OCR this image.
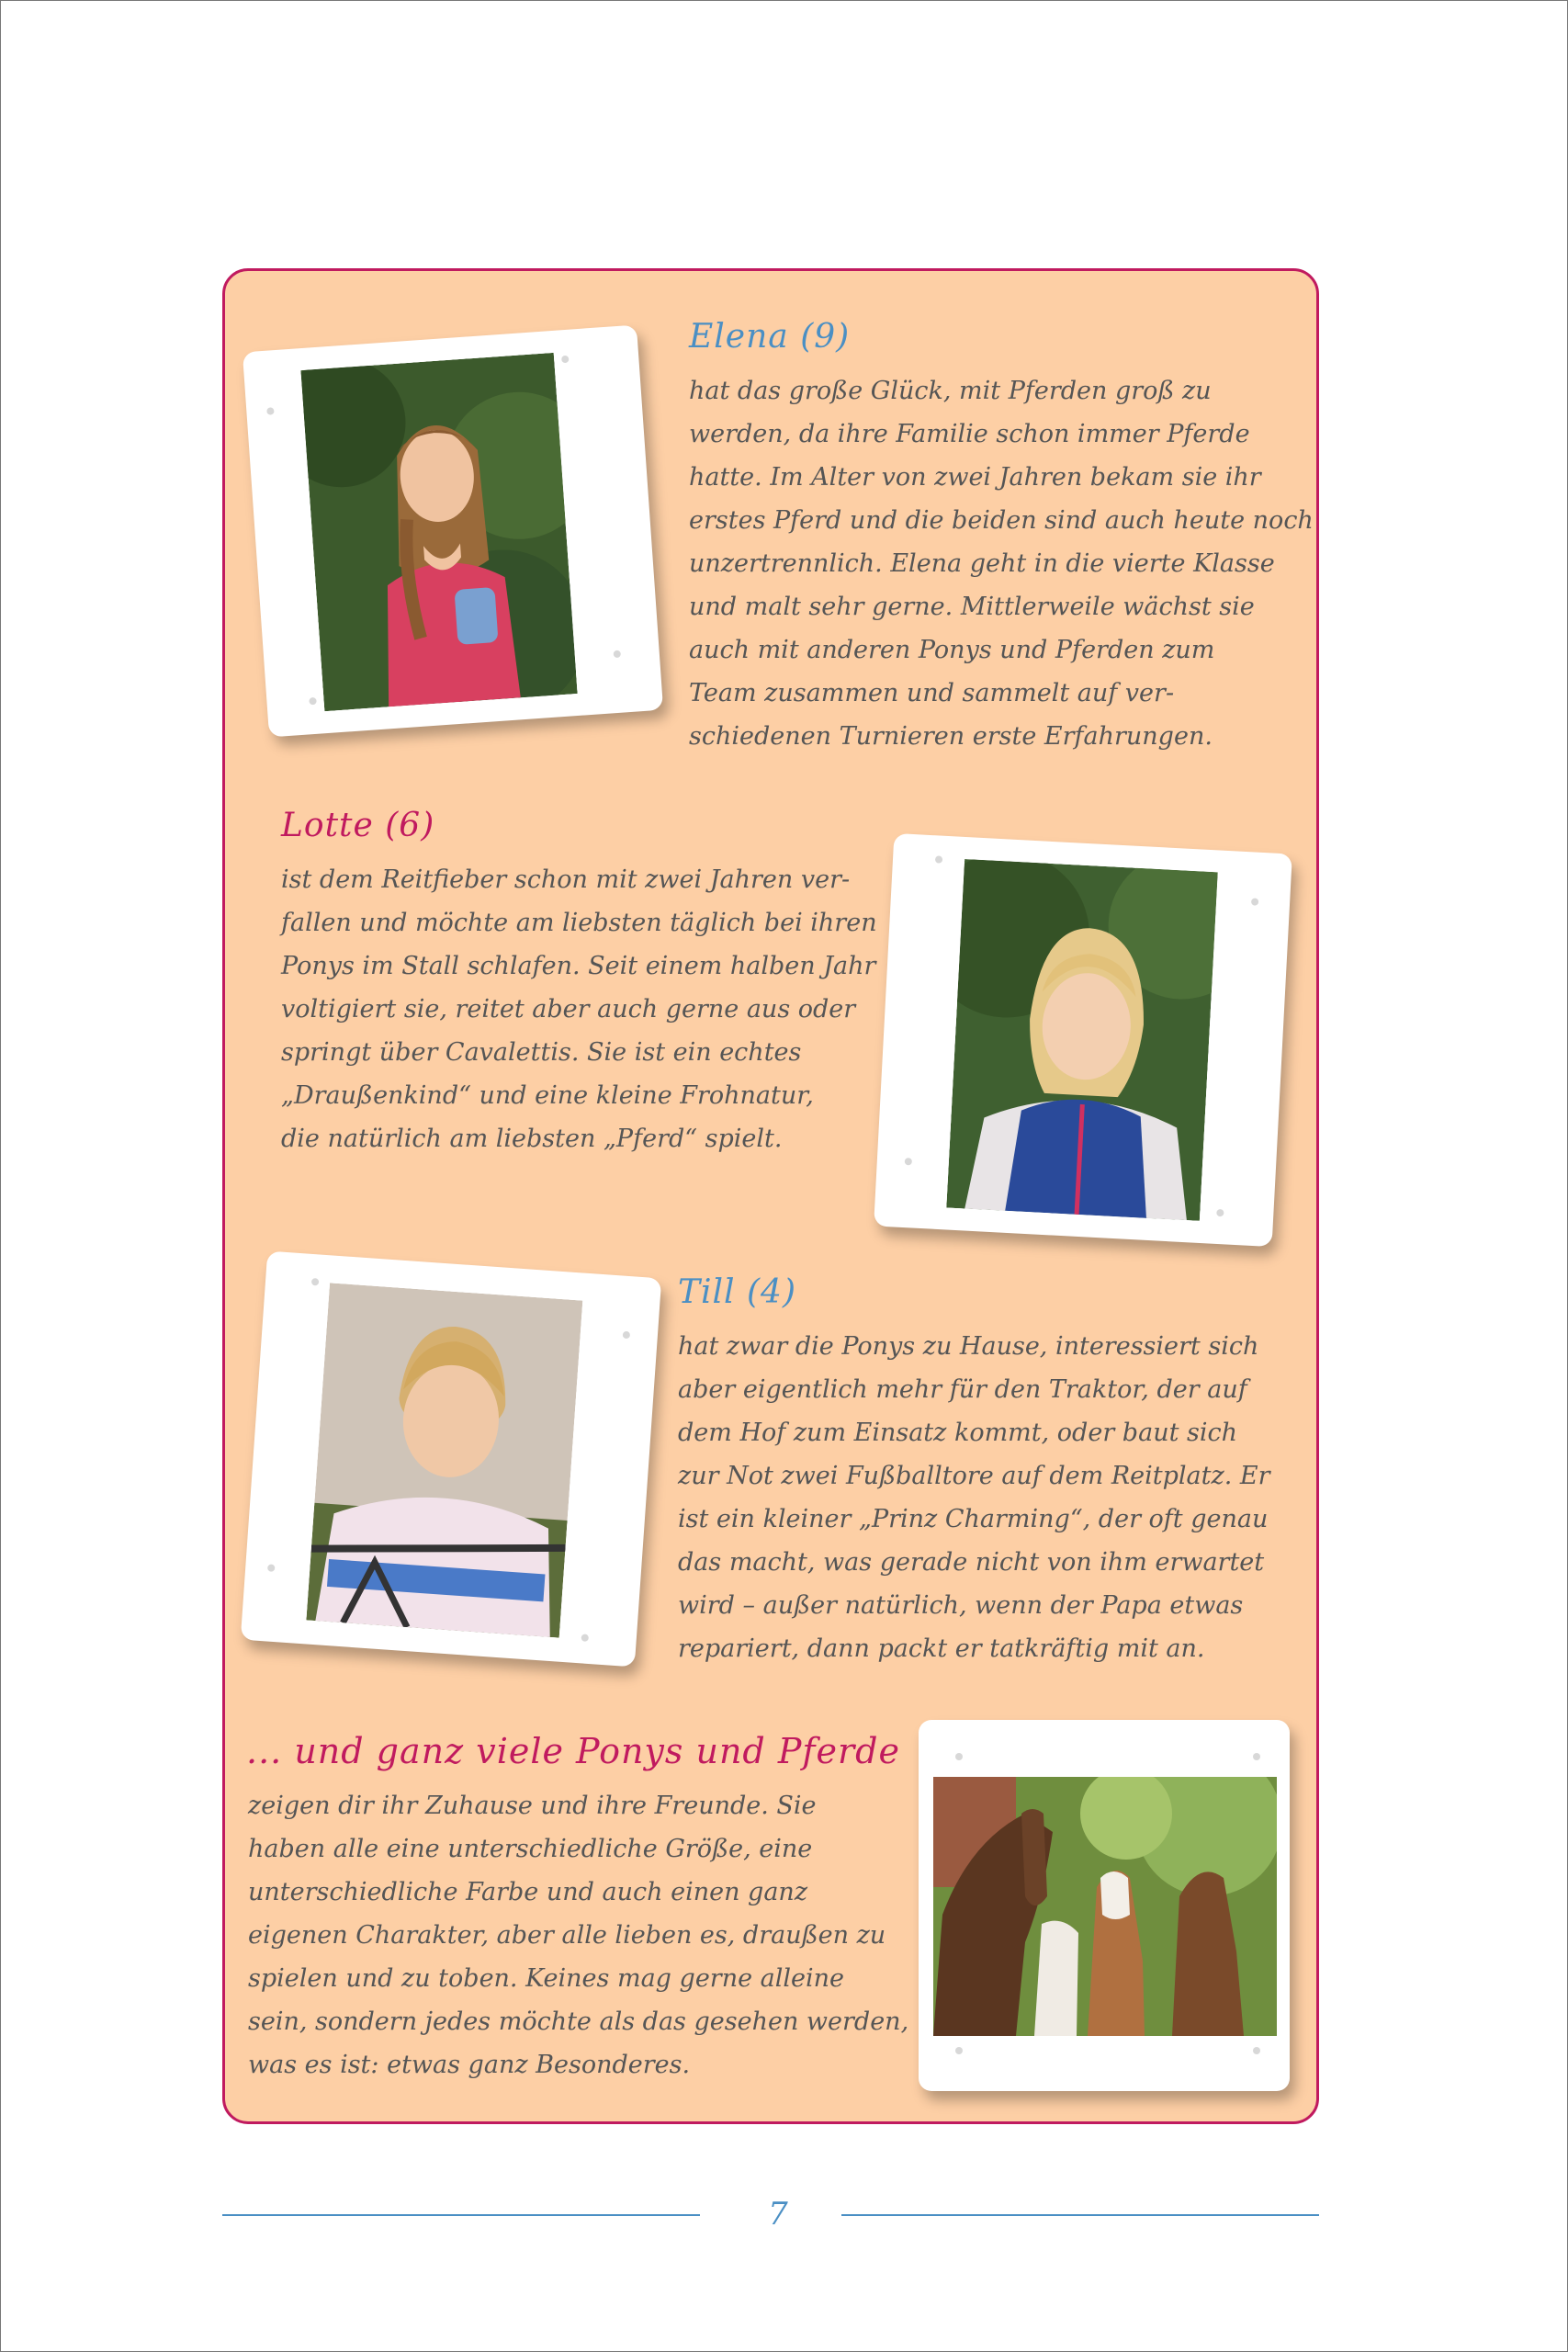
Elena (9)
hat das große Glück, mit Pferden groß zu
werden, da ihre Familie schon immer Pferde
hatte. Im Alter von zwei Jahren bekam sie ihr
erstes Pferd und die beiden sind auch heute noch
unzertrennlich. Elena geht in die vierte Klasse
und malt sehr gerne. Mittlerweile wächst sie
auch mit anderen Ponys und Pferden zum
Team zusammen und sammelt auf ver-
schiedenen Turnieren erste Erfahrungen.
Lotte (6)
ist dem Reitfieber schon mit zwei Jahren ver-
fallen und möchte am liebsten täglich bei ihren
Ponys im Stall schlafen. Seit einem halben Jahr
voltigiert sie, reitet aber auch gerne aus oder
springt über Cavalettis. Sie ist ein echtes
„Draußenkind“ und eine kleine Frohnatur,
die natürlich am liebsten „Pferd“ spielt.
Till (4)
hat zwar die Ponys zu Hause, interessiert sich
aber eigentlich mehr für den Traktor, der auf
dem Hof zum Einsatz kommt, oder baut sich
zur Not zwei Fußballtore auf dem Reitplatz. Er
ist ein kleiner „Prinz Charming“, der oft genau
das macht, was gerade nicht von ihm erwartet
wird – außer natürlich, wenn der Papa etwas
repariert, dann packt er tatkräftig mit an.
... und ganz viele Ponys und Pferde
zeigen dir ihr Zuhause und ihre Freunde. Sie
haben alle eine unterschiedliche Größe, eine
unterschiedliche Farbe und auch einen ganz
eigenen Charakter, aber alle lieben es, draußen zu
spielen und zu toben. Keines mag gerne alleine
sein, sondern jedes möchte als das gesehen werden,
was es ist: etwas ganz Besonderes.
7
